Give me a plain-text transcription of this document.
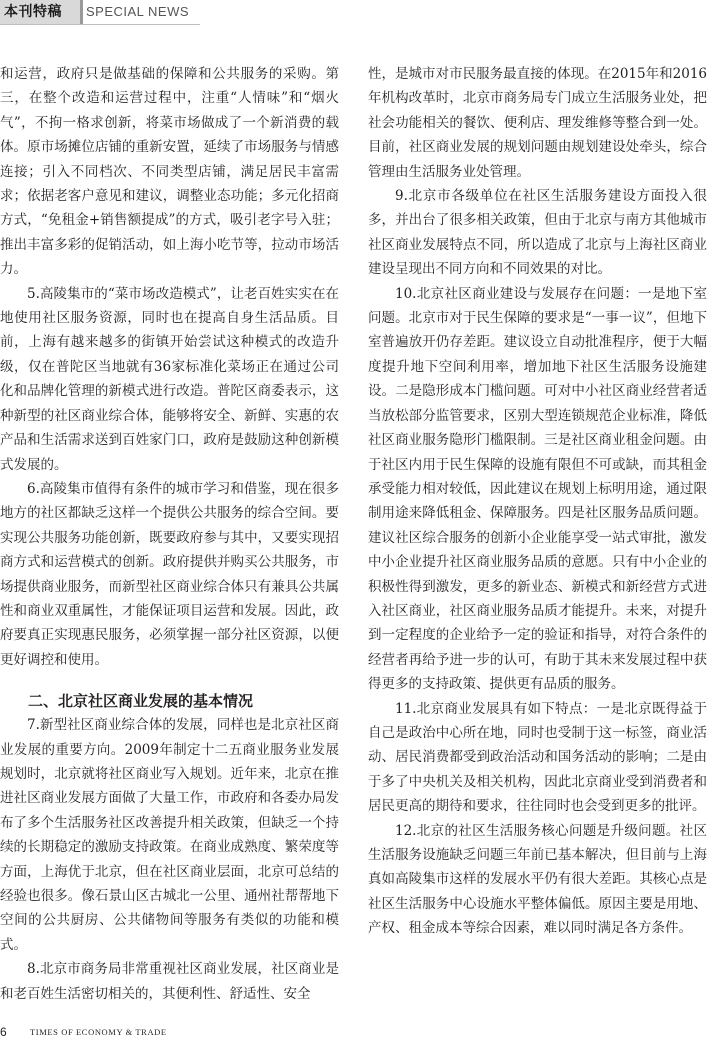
本刊特稿 SPECIAL NEWS

和运营，政府只是做基础的保障和公共服务的采购。第三，在整个改造和运营过程中，注重“人情味”和“烟火气”，不拘一格求创新，将菜市场做成了一个新消费的载体。原市场摊位店铺的重新安置，延续了市场服务与情感连接；引入不同档次、不同类型店铺，满足居民丰富需求；依据老客户意见和建议，调整业态功能；多元化招商方式，“免租金+销售额提成”的方式，吸引老字号入驻；推出丰富多彩的促销活动，如上海小吃节等，拉动市场活力。

5.高陵集市的“菜市场改造模式”，让老百姓实实在在地使用社区服务资源，同时也在提高自身生活品质。目前，上海有越来越多的街镇开始尝试这种模式的改造升级，仅在普陀区当地就有36家标准化菜场正在通过公司化和品牌化管理的新模式进行改造。普陀区商委表示，这种新型的社区商业综合体，能够将安全、新鲜、实惠的农产品和生活需求送到百姓家门口，政府是鼓励这种创新模式发展的。

6.高陵集市值得有条件的城市学习和借鉴，现在很多地方的社区都缺乏这样一个提供公共服务的综合空间。要实现公共服务功能创新，既要政府参与其中，又要实现招商方式和运营模式的创新。政府提供并购买公共服务，市场提供商业服务，而新型社区商业综合体只有兼具公共属性和商业双重属性，才能保证项目运营和发展。因此，政府要真正实现惠民服务，必须掌握一部分社区资源，以便更好调控和使用。

二、北京社区商业发展的基本情况

7.新型社区商业综合体的发展，同样也是北京社区商业发展的重要方向。2009年制定十二五商业服务业发展规划时，北京就将社区商业写入规划。近年来，北京在推进社区商业发展方面做了大量工作，市政府和各委办局发布了多个生活服务社区改善提升相关政策，但缺乏一个持续的长期稳定的激励支持政策。在商业成熟度、繁荣度等方面，上海优于北京，但在社区商业层面，北京可总结的经验也很多。像石景山区古城北一公里、通州社帮帮地下空间的公共厨房、公共储物间等服务有类似的功能和模式。

8.北京市商务局非常重视社区商业发展，社区商业是和老百姓生活密切相关的，其便利性、舒适性、安全

性，是城市对市民服务最直接的体现。在2015年和2016年机构改革时，北京市商务局专门成立生活服务业处，把社会功能相关的餐饮、便利店、理发维修等整合到一处。目前，社区商业发展的规划问题由规划建设处牵头，综合管理由生活服务业处管理。

9.北京市各级单位在社区生活服务建设方面投入很多，并出台了很多相关政策，但由于北京与南方其他城市社区商业发展特点不同，所以造成了北京与上海社区商业建设呈现出不同方向和不同效果的对比。

10.北京社区商业建设与发展存在问题：一是地下室问题。北京市对于民生保障的要求是“一事一议”，但地下室普遍放开仍存差距。建议设立自动批准程序，便于大幅度提升地下空间利用率，增加地下社区生活服务设施建设。二是隐形成本门槛问题。可对中小社区商业经营者适当放松部分监管要求，区别大型连锁规范企业标准，降低社区商业服务隐形门槛限制。三是社区商业租金问题。由于社区内用于民生保障的设施有限但不可或缺，而其租金承受能力相对较低，因此建议在规划上标明用途，通过限制用途来降低租金、保障服务。四是社区服务品质问题。建议社区综合服务的创新小企业能享受一站式审批，激发中小企业提升社区商业服务品质的意愿。只有中小企业的积极性得到激发，更多的新业态、新模式和新经营方式进入社区商业，社区商业服务品质才能提升。未来，对提升到一定程度的企业给予一定的验证和指导，对符合条件的经营者再给予进一步的认可，有助于其未来发展过程中获得更多的支持政策、提供更有品质的服务。

11.北京商业发展具有如下特点：一是北京既得益于自己是政治中心所在地，同时也受制于这一标签，商业活动、居民消费都受到政治活动和国务活动的影响；二是由于多了中央机关及相关机构，因此北京商业受到消费者和居民更高的期待和要求，往往同时也会受到更多的批评。

12.北京的社区生活服务核心问题是升级问题。社区生活服务设施缺乏问题三年前已基本解决，但目前与上海真如高陵集市这样的发展水平仍有很大差距。其核心点是社区生活服务中心设施水平整体偏低。原因主要是用地、产权、租金成本等综合因素，难以同时满足各方条件。

6	TIMES OF ECONOMY & TRADE
